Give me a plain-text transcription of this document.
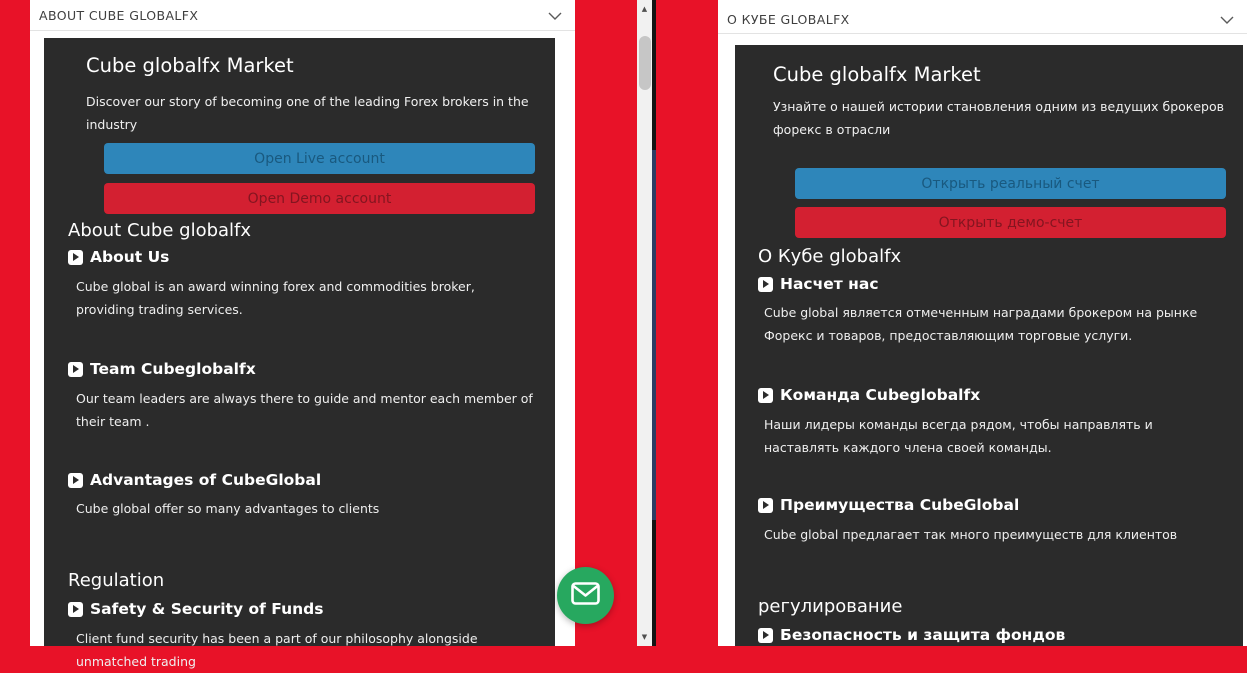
ABOUT CUBE GLOBALFX
Cube globalfx Market
Discover our story of becoming one of the leading Forex brokers in the industry
Open Live account
Open Demo account
About Cube globalfx
About Us
Cube global is an award winning forex and commodities broker, providing trading services.
Team Cubeglobalfx
Our team leaders are always there to guide and mentor each member of their team .
Advantages of CubeGlobal
Cube global offer so many advantages to clients
Regulation
Safety & Security of Funds
Client fund security has been a part of our philosophy alongside unmatched trading
▲
▼
О КУБЕ GLOBALFX
Cube globalfx Market
Узнайте о нашей истории становления одним из ведущих брокеров форекс в отрасли
Открыть реальный счет
Открыть демо-счет
О Кубе globalfx
Насчет нас
Cube global является отмеченным наградами брокером на рынке Форекс и товаров, предоставляющим торговые услуги.
Команда Cubeglobalfx
Наши лидеры команды всегда рядом, чтобы направлять и наставлять каждого члена своей команды.
Преимущества CubeGlobal
Cube global предлагает так много преимуществ для клиентов
регулирование
Безопасность и защита фондов
